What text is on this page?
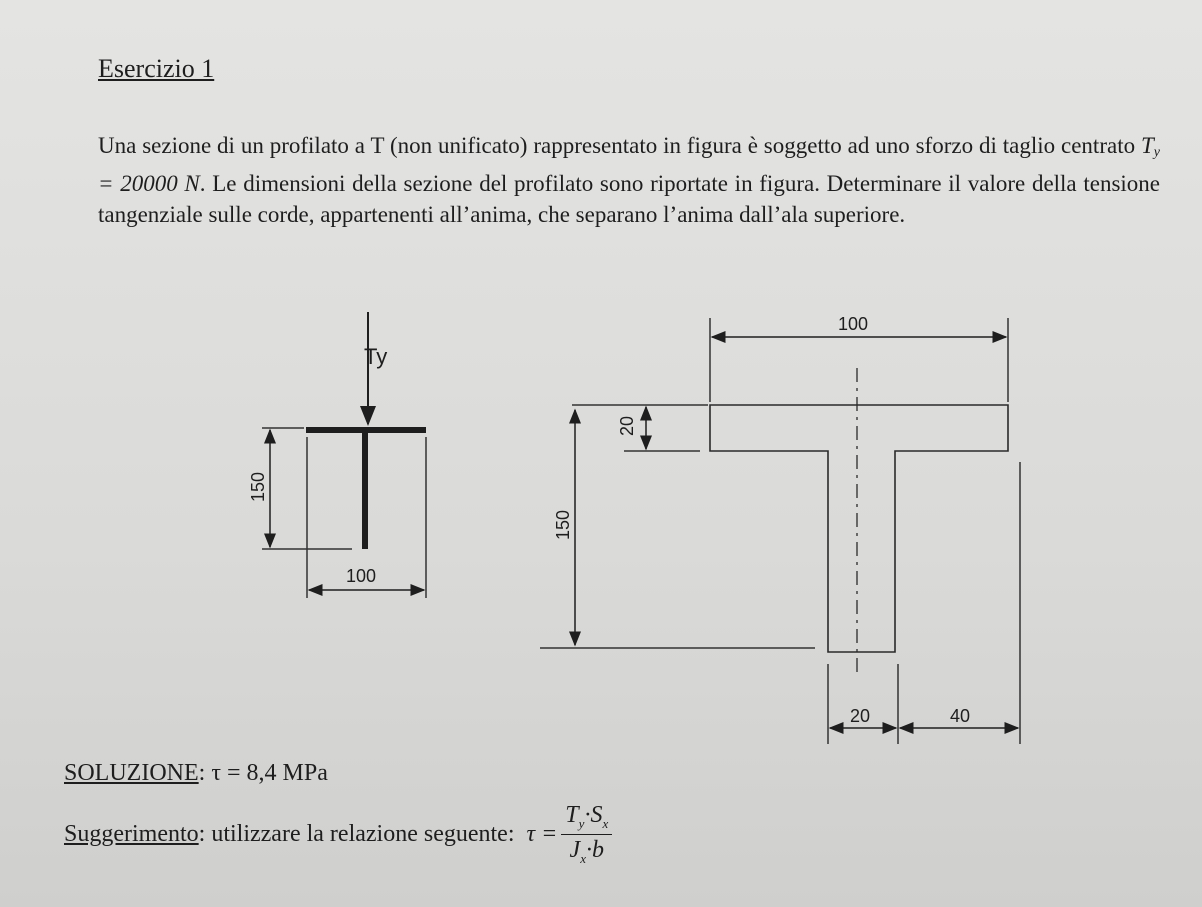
Esercizio 1
Una sezione di un profilato a T (non unificato) rappresentato in figura è soggetto ad uno sforzo di taglio centrato $T_y = 20000$ N. Le dimensioni della sezione del profilato sono riportate in figura. Determinare il valore della tensione tangenziale sulle corde, appartenenti all’anima, che separano l’anima dall’ala superiore.
Ty
150
100
100
20
150
20	40
SOLUZIONE: τ = 8,4 MPa
Suggerimento : utilizzare la relazione seguente: $\tau = \frac{T_y\cdot S_x}{J_x\cdot b}$
